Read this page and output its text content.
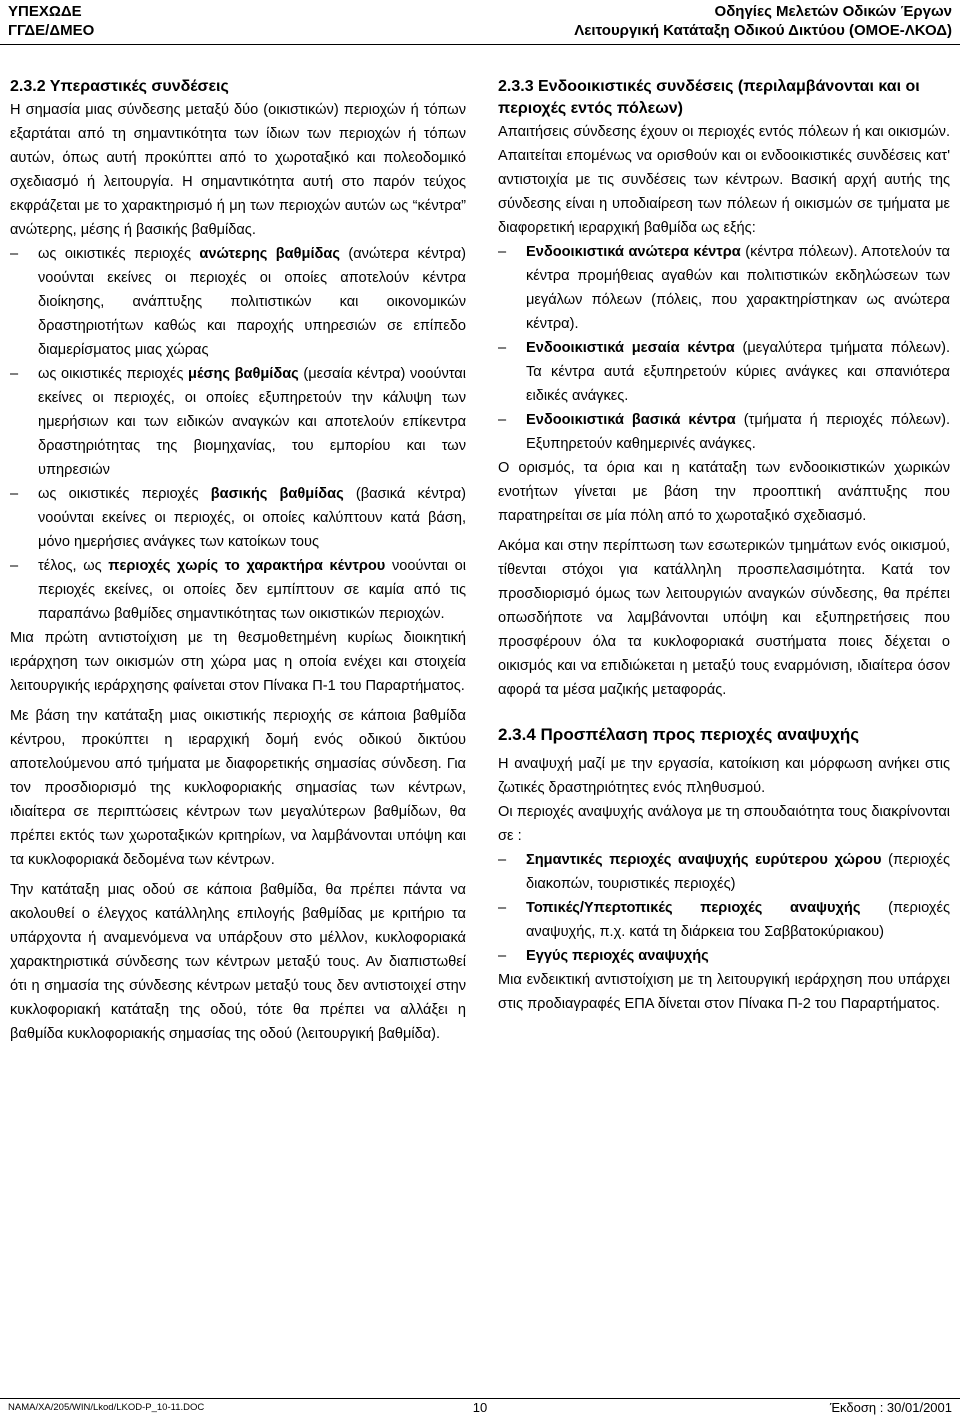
ΥΠΕΧΩΔΕ
ΓΓΔΕ/ΔΜΕΟ
Οδηγίες Μελετών Οδικών Έργων
Λειτουργική Κατάταξη Οδικού Δικτύου (ΟΜΟΕ-ΛΚΟΔ)
2.3.2 Υπεραστικές συνδέσεις

Η σημασία μιας σύνδεσης μεταξύ δύο (οικιστικών) περιοχών ή τόπων εξαρτάται από τη σημαντικότητα των ίδιων των περιοχών ή τόπων αυτών, όπως αυτή προκύπτει από το χωροταξικό και πολεοδομικό σχεδιασμό ή λειτουργία. Η σημαντικότητα αυτή στο παρόν τεύχος εκφράζεται με το χαρακτηρισμό ή μη των περιοχών αυτών ως “κέντρα” ανώτερης, μέσης ή βασικής βαθμίδας.

– ως οικιστικές περιοχές ανώτερης βαθμίδας (ανώτερα κέντρα) νοούνται εκείνες οι περιοχές οι οποίες αποτελούν κέντρα διοίκησης, ανάπτυξης πολιτιστικών και οικονομικών δραστηριοτήτων καθώς και παροχής υπηρεσιών σε επίπεδο διαμερίσματος μιας χώρας
– ως οικιστικές περιοχές μέσης βαθμίδας (μεσαία κέντρα) νοούνται εκείνες οι περιοχές, οι οποίες εξυπηρετούν την κάλυψη των ημερήσιων και των ειδικών αναγκών και αποτελούν επίκεντρα δραστηριότητας της βιομηχανίας, του εμπορίου και των υπηρεσιών
– ως οικιστικές περιοχές βασικής βαθμίδας (βασικά κέντρα) νοούνται εκείνες οι περιοχές, οι οποίες καλύπτουν κατά βάση, μόνο ημερήσιες ανάγκες των κατοίκων τους
– τέλος, ως περιοχές χωρίς το χαρακτήρα κέντρου νοούνται οι περιοχές εκείνες, οι οποίες δεν εμπίπτουν σε καμία από τις παραπάνω βαθμίδες σημαντικότητας των οικιστικών περιοχών.

Μια πρώτη αντιστοίχιση με τη θεσμοθετημένη κυρίως διοικητική ιεράρχηση των οικισμών στη χώρα μας η οποία ενέχει και στοιχεία λειτουργικής ιεράρχησης φαίνεται στον Πίνακα Π-1 του Παραρτήματος.

Με βάση την κατάταξη μιας οικιστικής περιοχής σε κάποια βαθμίδα κέντρου, προκύπτει η ιεραρχική δομή ενός οδικού δικτύου αποτελούμενου από τμήματα με διαφορετικής σημασίας σύνδεση. Για τον προσδιορισμό της κυκλοφοριακής σημασίας των κέντρων, ιδιαίτερα σε περιπτώσεις κέντρων των μεγαλύτερων βαθμίδων, θα πρέπει εκτός των χωροταξικών κριτηρίων, να λαμβάνονται υπόψη και τα κυκλοφοριακά δεδομένα των κέντρων.

Την κατάταξη μιας οδού σε κάποια βαθμίδα, θα πρέπει πάντα να ακολουθεί ο έλεγχος κατάλληλης επιλογής βαθμίδας με κριτήριο τα υπάρχοντα ή αναμενόμενα να υπάρξουν στο μέλλον, κυκλοφοριακά χαρακτηριστικά σύνδεσης των κέντρων μεταξύ τους. Αν διαπιστωθεί ότι η σημασία της σύνδεσης κέντρων μεταξύ τους δεν αντιστοιχεί στην κυκλοφοριακή κατάταξη της οδού, τότε θα πρέπει να αλλάξει η βαθμίδα κυκλοφοριακής σημασίας της οδού (λειτουργική βαθμίδα).

2.3.3 Ενδοοικιστικές συνδέσεις (περιλαμβάνονται και οι περιοχές εντός πόλεων)

Απαιτήσεις σύνδεσης έχουν οι περιοχές εντός πόλεων ή και οικισμών. Απαιτείται επομένως να ορισθούν και οι ενδοοικιστικές συνδέσεις κατ' αντιστοιχία με τις συνδέσεις των κέντρων. Βασική αρχή αυτής της σύνδεσης είναι η υποδιαίρεση των πόλεων ή οικισμών σε τμήματα με διαφορετική ιεραρχική βαθμίδα ως εξής:

– Ενδοοικιστικά ανώτερα κέντρα (κέντρα πόλεων). Αποτελούν τα κέντρα προμήθειας αγαθών και πολιτιστικών εκδηλώσεων των μεγάλων πόλεων (πόλεις, που χαρακτηρίστηκαν ως ανώτερα κέντρα).
– Ενδοοικιστικά μεσαία κέντρα (μεγαλύτερα τμήματα πόλεων). Τα κέντρα αυτά εξυπηρετούν κύριες ανάγκες και σπανιότερα ειδικές ανάγκες.
– Ενδοοικιστικά βασικά κέντρα (τμήματα ή περιοχές πόλεων). Εξυπηρετούν καθημερινές ανάγκες.

Ο ορισμός, τα όρια και η κατάταξη των ενδοοικιστικών χωρικών ενοτήτων γίνεται με βάση την προοπτική ανάπτυξης που παρατηρείται σε μία πόλη από το χωροταξικό σχεδιασμό.

Ακόμα και στην περίπτωση των εσωτερικών τμημάτων ενός οικισμού, τίθενται στόχοι για κατάλληλη προσπελασιμότητα. Κατά τον προσδιορισμό όμως των λειτουργιών αναγκών σύνδεσης, θα πρέπει οπωσδήποτε να λαμβάνονται υπόψη και εξυπηρετήσεις που προσφέρουν όλα τα κυκλοφοριακά συστήματα ποιες δέχεται ο οικισμός και να επιδιώκεται η μεταξύ τους εναρμόνιση, ιδιαίτερα όσον αφορά τα μέσα μαζικής μεταφοράς.

2.3.4 Προσπέλαση προς περιοχές αναψυχής

Η αναψυχή μαζί με την εργασία, κατοίκιση και μόρφωση ανήκει στις ζωτικές δραστηριότητες ενός πληθυσμού.

Οι περιοχές αναψυχής ανάλογα με τη σπουδαιότητα τους διακρίνονται σε :

– Σημαντικές περιοχές αναψυχής ευρύτερου χώρου (περιοχές διακοπών, τουριστικές περιοχές)
– Τοπικές/Υπερτοπικές περιοχές αναψυχής (περιοχές αναψυχής, π.χ. κατά τη διάρκεια του Σαββατοκύριακου)
– Εγγύς περιοχές αναψυχής

Μια ενδεικτική αντιστοίχιση με τη λειτουργική ιεράρχηση που υπάρχει στις προδιαγραφές ΕΠΑ δίνεται στον Πίνακα Π-2 του Παραρτήματος.

NAMA/XA/205/WIN/Lkod/LKOD-P_10-11.DOC	10	Έκδοση : 30/01/2001
